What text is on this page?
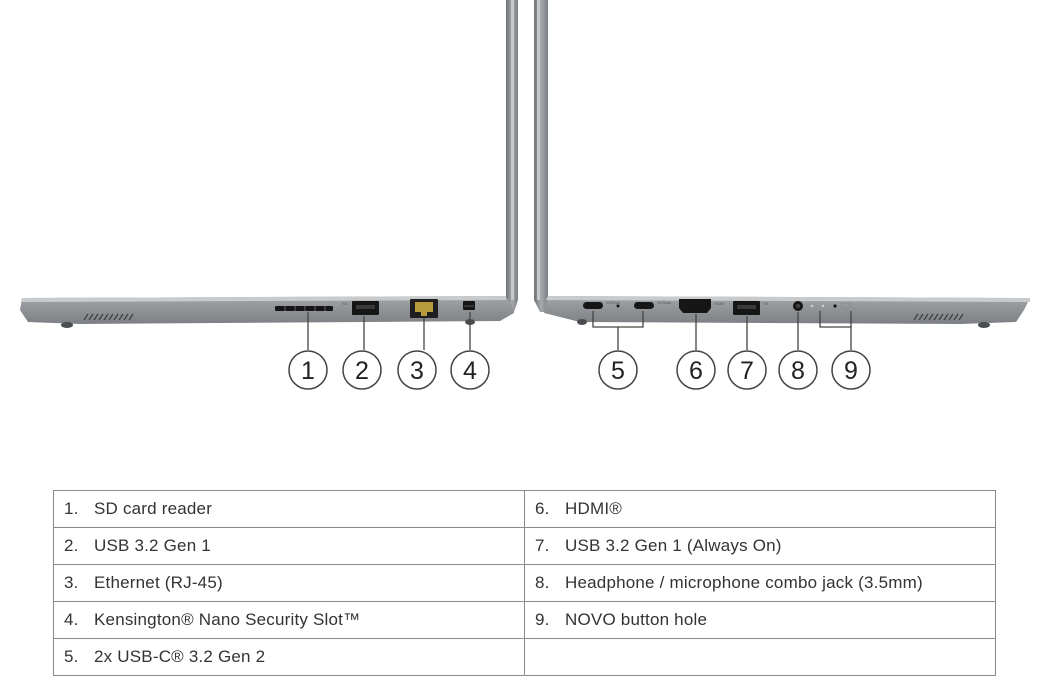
SS	10Gbps	10Gbps	HDMI	SS
1 2 3 4	5	6 7 8 9
1. SD card reader	6. HDMI®
2. USB 3.2 Gen 1	7. USB 3.2 Gen 1 (Always On)
3. Ethernet (RJ-45)	8. Headphone / microphone combo jack (3.5mm)
4. Kensington® Nano Security Slot™	9. NOVO button hole
5. 2x USB-C® 3.2 Gen 2	
